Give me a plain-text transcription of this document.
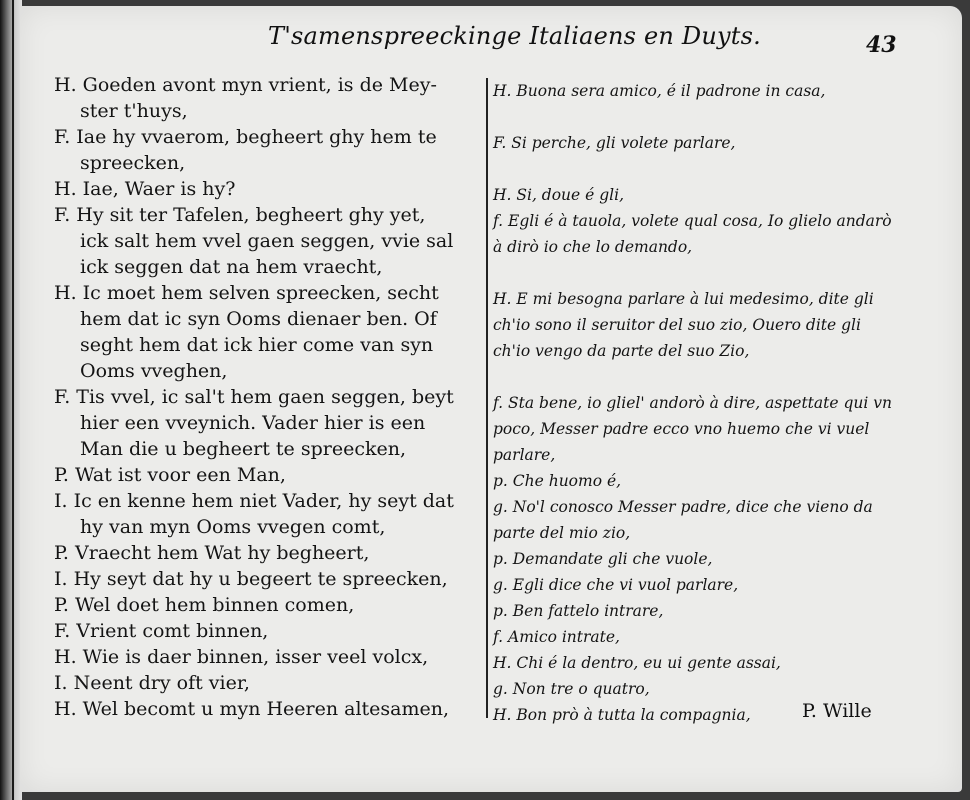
T'samenspreeckinge Italiaens en Duyts.	43
H. Goeden avont myn vrient, is de Mey-
ster t'huys,
F. Iae hy vvaerom, begheert ghy hem te
spreecken,
H. Iae, Waer is hy?
F. Hy sit ter Tafelen, begheert ghy yet,
ick salt hem vvel gaen seggen, vvie sal
ick seggen dat na hem vraecht,
H. Ic moet hem selven spreecken, secht
hem dat ic syn Ooms dienaer ben. Of
seght hem dat ick hier come van syn
Ooms vveghen,
F. Tis vvel, ic sal't hem gaen seggen, beyt
hier een vveynich. Vader hier is een
Man die u begheert te spreecken,
P. Wat ist voor een Man,
I. Ic en kenne hem niet Vader, hy seyt dat
hy van myn Ooms vvegen comt,
P. Vraecht hem Wat hy begheert,
I. Hy seyt dat hy u begeert te spreecken,
P. Wel doet hem binnen comen,
F. Vrient comt binnen,
H. Wie is daer binnen, isser veel volcx,
I. Neent dry oft vier,
H. Wel becomt u myn Heeren altesamen,
H. Buona sera amico, é il padrone in casa,
F. Si perche, gli volete parlare,
H. Si, doue é gli,
f. Egli é à tauola, volete qual cosa, Io glielo andarò
à dirò io che lo demando,
H. E mi besogna parlare à lui medesimo, dite gli
ch'io sono il seruitor del suo zio, Ouero dite gli
ch'io vengo da parte del suo Zio,
f. Sta bene, io gliel' andorò à dire, aspettate qui vn
poco, Messer padre ecco vno huemo che vi vuel
parlare,
p. Che huomo é,
g. No'l conosco Messer padre, dice che vieno da
parte del mio zio,
p. Demandate gli che vuole,
g. Egli dice che vi vuol parlare,
p. Ben fattelo intrare,
f. Amico intrate,
H. Chi é la dentro, eu ui gente assai,
g. Non tre o quatro,
H. Bon prò à tutta la compagnia,	P. Wille
